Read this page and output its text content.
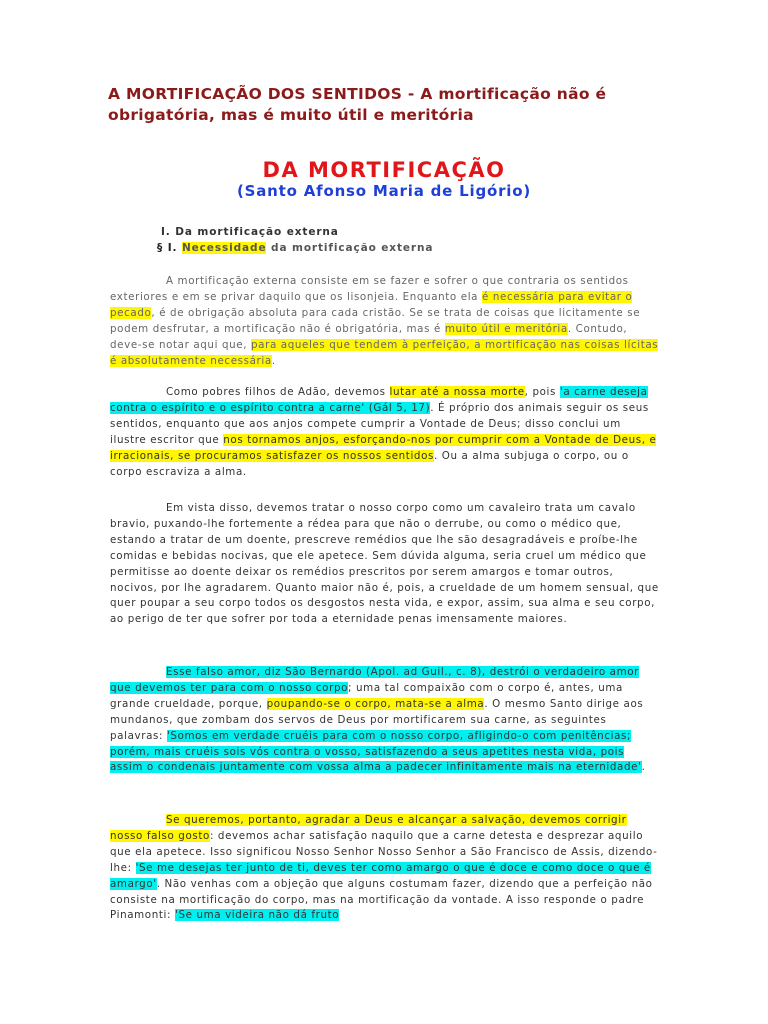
A MORTIFICAÇÃO DOS SENTIDOS - A mortificação não é obrigatória, mas é muito útil e meritória
DA MORTIFICAÇÃO
(Santo Afonso Maria de Ligório)
I. Da mortificação externa
§ I. Necessidade da mortificação externa
A mortificação externa consiste em se fazer e sofrer o que contraria os sentidos exteriores e em se privar daquilo que os lisonjeia. Enquanto ela é necessária para evitar o pecado, é de obrigação absoluta para cada cristão. Se se trata de coisas que licitamente se podem desfrutar, a mortificação não é obrigatória, mas é muito útil e meritória. Contudo, deve-se notar aqui que, para aqueles que tendem à perfeição, a mortificação nas coisas lícitas é absolutamente necessária.
Como pobres filhos de Adão, devemos lutar até a nossa morte, pois 'a carne deseja contra o espírito e o espírito contra a carne' (Gál 5, 17). É próprio dos animais seguir os seus sentidos, enquanto que aos anjos compete cumprir a Vontade de Deus; disso conclui um ilustre escritor que nos tornamos anjos, esforçando-nos por cumprir com a Vontade de Deus, e irracionais, se procuramos satisfazer os nossos sentidos. Ou a alma subjuga o corpo, ou o corpo escraviza a alma.
Em vista disso, devemos tratar o nosso corpo como um cavaleiro trata um cavalo bravio, puxando-lhe fortemente a rédea para que não o derrube, ou como o médico que, estando a tratar de um doente, prescreve remédios que lhe são desagradáveis e proíbe-lhe comidas e bebidas nocivas, que ele apetece. Sem dúvida alguma, seria cruel um médico que permitisse ao doente deixar os remédios prescritos por serem amargos e tomar outros, nocivos, por lhe agradarem. Quanto maior não é, pois, a crueldade de um homem sensual, que quer poupar a seu corpo todos os desgostos nesta vida, e expor, assim, sua alma e seu corpo, ao perigo de ter que sofrer por toda a eternidade penas imensamente maiores.
Esse falso amor, diz São Bernardo (Apol. ad Guil., c. 8), destrói o verdadeiro amor que devemos ter para com o nosso corpo; uma tal compaixão com o corpo é, antes, uma grande crueldade, porque, poupando-se o corpo, mata-se a alma. O mesmo Santo dirige aos mundanos, que zombam dos servos de Deus por mortificarem sua carne, as seguintes palavras: 'Somos em verdade cruéis para com o nosso corpo, afligindo-o com penitências; porém, mais cruéis sois vós contra o vosso, satisfazendo a seus apetites nesta vida, pois assim o condenais juntamente com vossa alma a padecer infinitamente mais na eternidade'.
Se queremos, portanto, agradar a Deus e alcançar a salvação, devemos corrigir nosso falso gosto: devemos achar satisfação naquilo que a carne detesta e desprezar aquilo que ela apetece. Isso significou Nosso Senhor Nosso Senhor a São Francisco de Assis, dizendo-lhe: 'Se me desejas ter junto de ti, deves ter como amargo o que é doce e como doce o que é amargo'. Não venhas com a objeção que alguns costumam fazer, dizendo que a perfeição não consiste na mortificação do corpo, mas na mortificação da vontade. A isso responde o padre Pinamonti: 'Se uma videira não dá fruto
